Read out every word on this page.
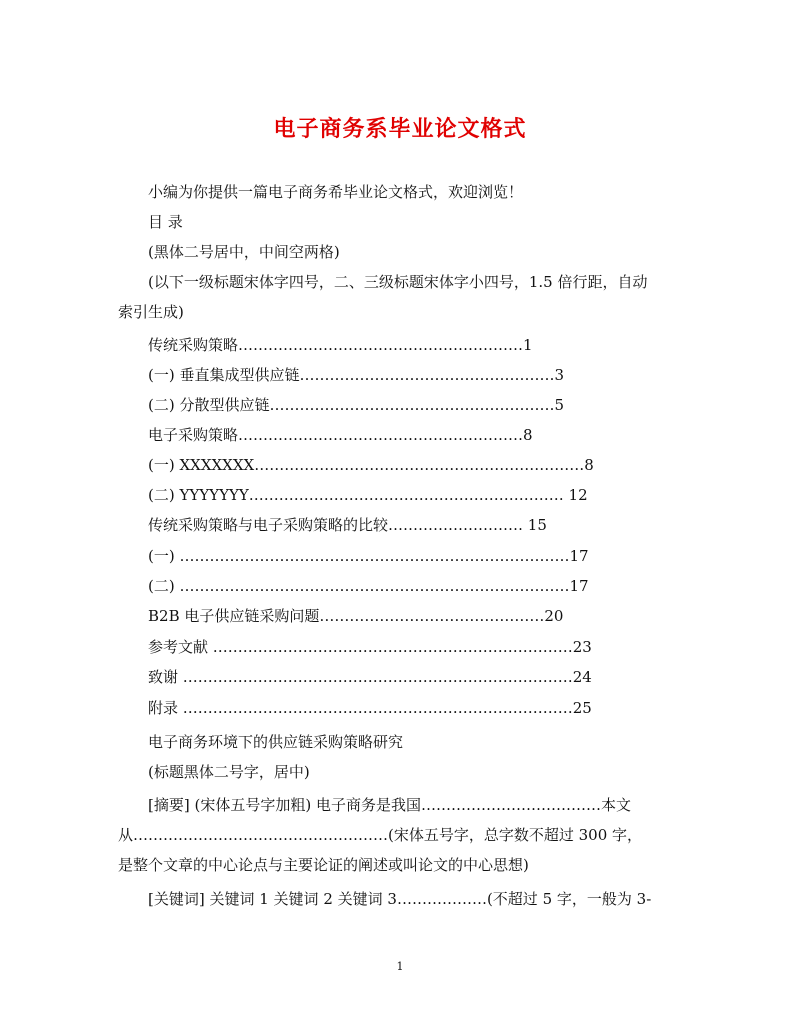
电子商务系毕业论文格式
小编为你提供一篇电子商务希毕业论文格式，欢迎浏览！
目 录
(黑体二号居中，中间空两格)
(以下一级标题宋体字四号，二、三级标题宋体字小四号，1.5 倍行距，自动
索引生成)
传统采购策略…………………………………………………1
(一) 垂直集成型供应链……………………………………………3
(二) 分散型供应链…………………………………………………5
电子采购策略…………………………………………………8
(一) XXXXXXX…………………………………………………………8
(二) YYYYYYY……………………………………………………… 12
传统采购策略与电子采购策略的比较……………………… 15
(一) ……………………………………………………………………17
(二) ……………………………………………………………………17
B2B 电子供应链采购问题………………………………………20
参考文献 ………………………………………………………………23
致谢 ……………………………………………………………………24
附录 ……………………………………………………………………25
电子商务环境下的供应链采购策略研究
(标题黑体二号字，居中)
[摘要] (宋体五号字加粗) 电子商务是我国………………………………本文
从……………………………………………(宋体五号字，总字数不超过 300 字，
是整个文章的中心论点与主要论证的阐述或叫论文的中心思想)
[关键词] 关键词 1 关键词 2 关键词 3………………(不超过 5 字，一般为 3-
1
